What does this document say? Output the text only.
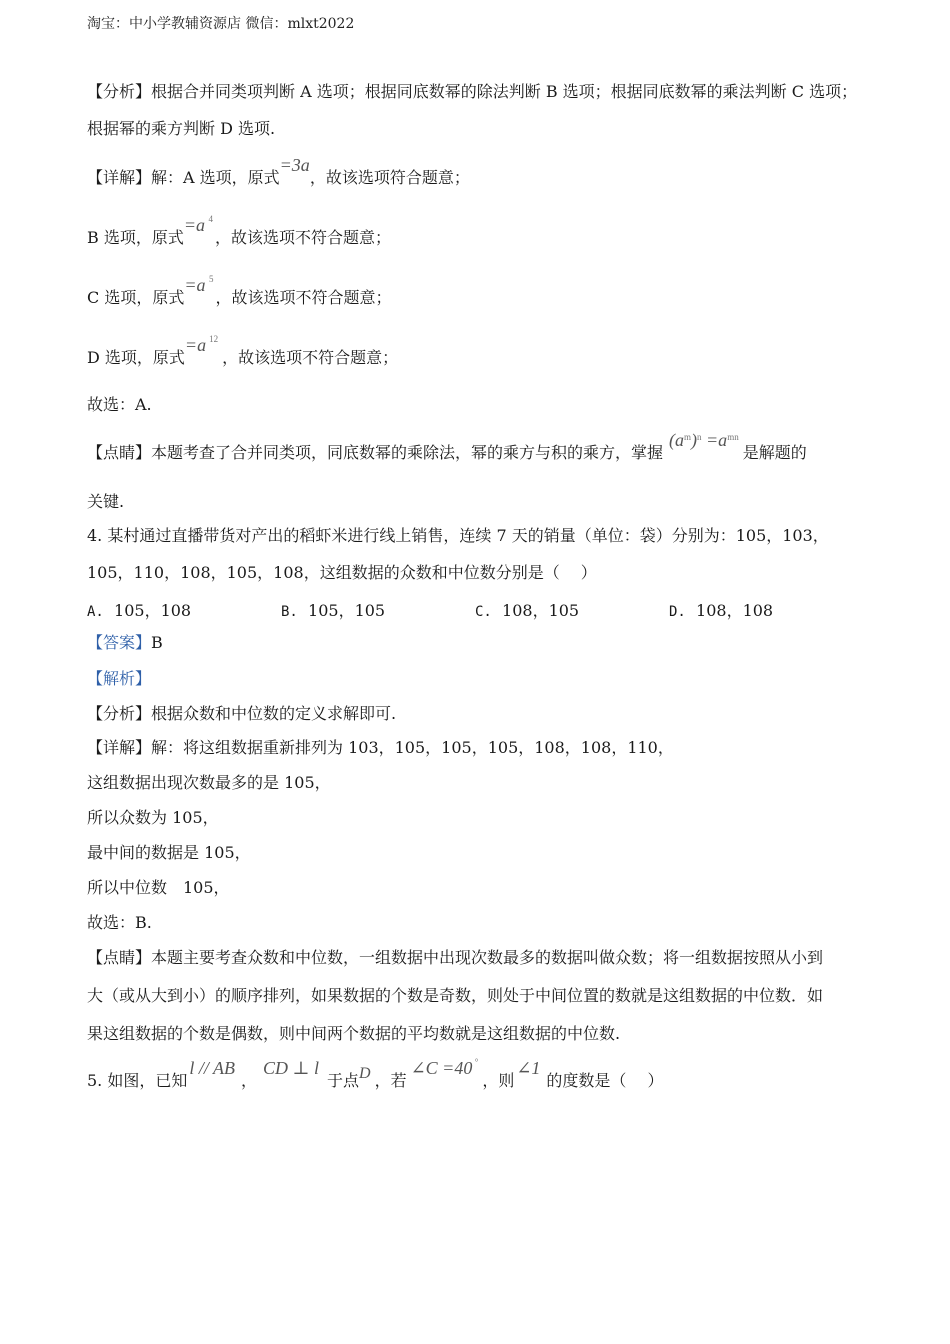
淘宝：中小学教辅资源店 微信：mlxt2022
【分析】根据合并同类项判断 A 选项；根据同底数幂的除法判断 B 选项；根据同底数幂的乘法判断 C 选项；
根据幂的乘方判断 D 选项.
【详解】解：A 选项，原式=3a，故该选项符合题意；
B 选项，原式=a 4
，故该选项不符合题意；
C 选项，原式=a 5
，故该选项不符合题意；
D 选项，原式=a 12
，故该选项不符合题意；
故选：A.
【点睛】本题考查了合并同类项，同底数幂的乘除法，幂的乘方与积的乘方，掌握$(a^m)^n =a^{mn}$是解题的
关键.
4. 某村通过直播带货对产出的稻虾米进行线上销售，连续 7 天的销量（单位：袋）分别为：105，103，
105，110，108，105，108，这组数据的众数和中位数分别是（　 ）
A. 105，108	B. 105，105	C. 108，105	D. 108，108
【答案】B
【解析】
【分析】根据众数和中位数的定义求解即可.
【详解】解：将这组数据重新排列为 103，105，105，105，108，108，110，
这组数据出现次数最多的是 105，
所以众数为 105，
最中间的数据是 105，
所以中位数　105，
故选：B.
【点睛】本题主要考查众数和中位数，一组数据中出现次数最多的数据叫做众数；将一组数据按照从小到
大（或从大到小）的顺序排列，如果数据的个数是奇数，则处于中间位置的数就是这组数据的中位数．如
果这组数据的个数是偶数，则中间两个数据的平均数就是这组数据的中位数.
5. 如图，已知l // AB，CD ⊥ l于点D ，若∠C =40 °
，则∠1的度数是（　 ）
